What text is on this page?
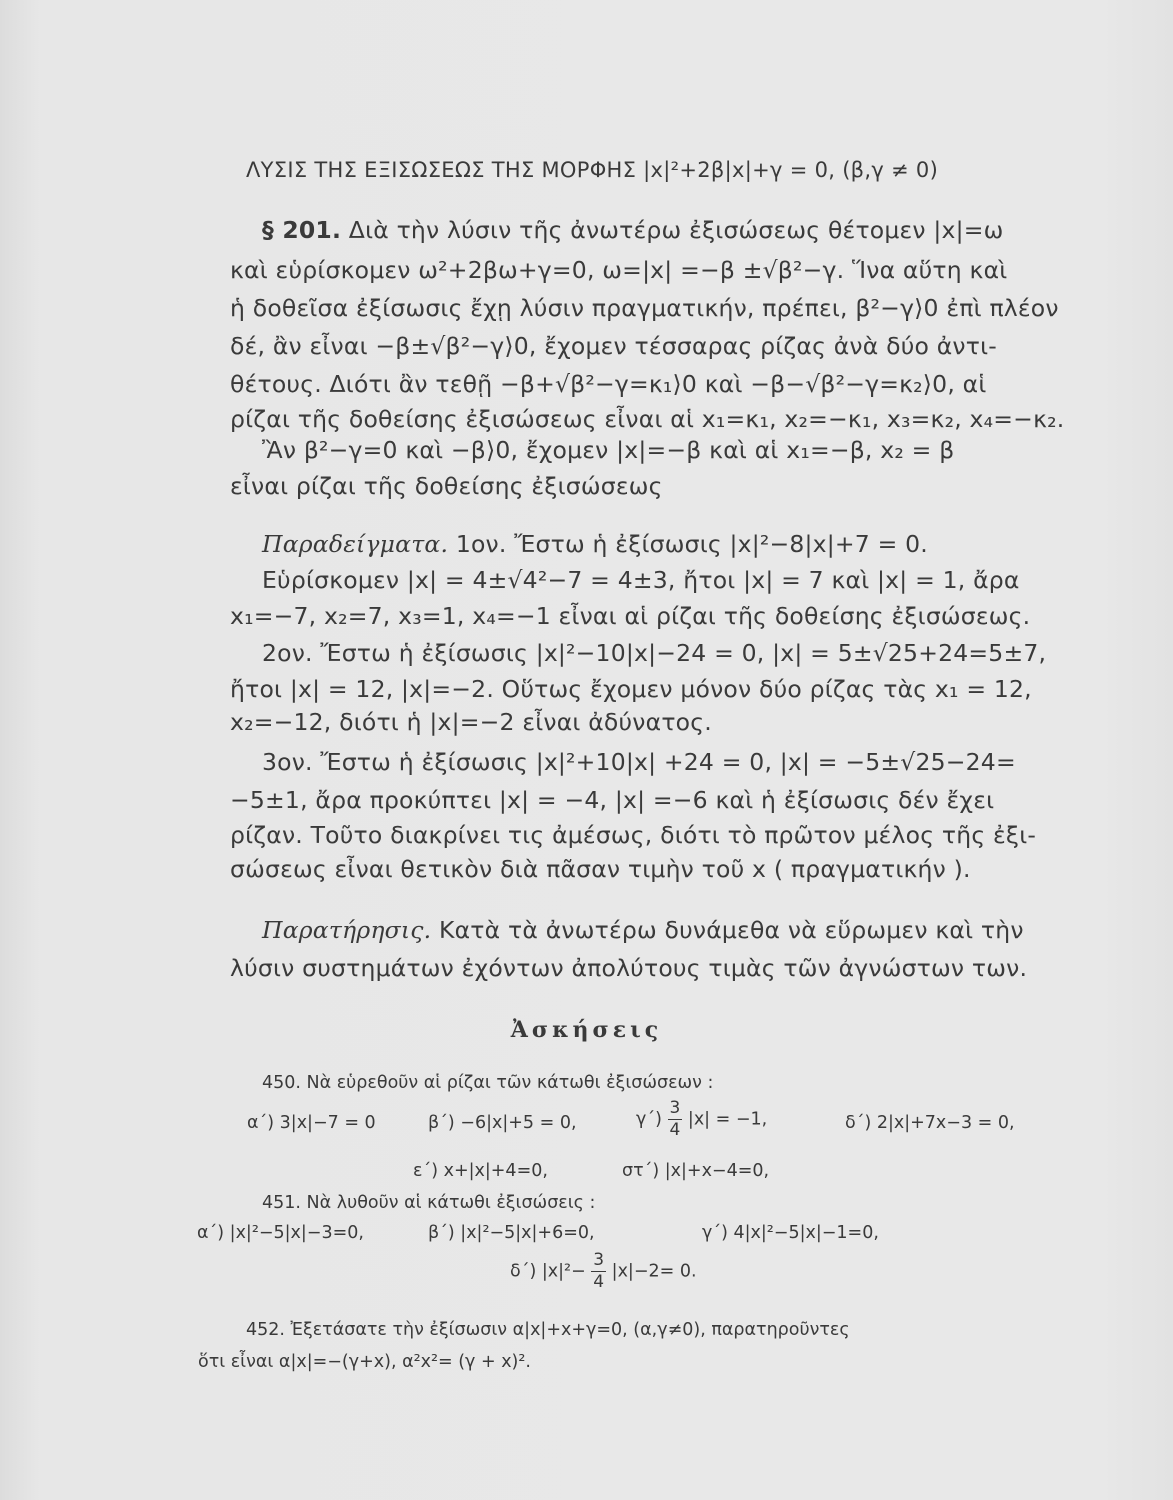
ΛΥΣΙΣ ΤΗΣ ΕΞΙΣΩΣΕΩΣ ΤΗΣ ΜΟΡΦΗΣ |x|²+2β|x|+γ = 0, (β,γ ≠ 0)
§ 201. Διὰ τὴν λύσιν τῆς ἀνωτέρω ἐξισώσεως θέτομεν |x|=ω
καὶ εὑρίσκομεν ω²+2βω+γ=0, ω=|x| =−β ±√β²−γ. Ἵνα αὕτη καὶ
ἡ δοθεῖσα ἐξίσωσις ἔχῃ λύσιν πραγματικήν, πρέπει, β²−γ⟩0 ἐπὶ πλέον
δέ, ἂν εἶναι −β±√β²−γ⟩0, ἔχομεν τέσσαρας ρίζας ἀνὰ δύο ἀντι-
θέτους. Διότι ἂν τεθῇ −β+√β²−γ=κ₁⟩0 καὶ −β−√β²−γ=κ₂⟩0, αἱ
ρίζαι τῆς δοθείσης ἐξισώσεως εἶναι αἱ x₁=κ₁, x₂=−κ₁, x₃=κ₂, x₄=−κ₂.
Ἂν β²−γ=0 καὶ −β⟩0, ἔχομεν |x|=−β καὶ αἱ x₁=−β, x₂ = β
εἶναι ρίζαι τῆς δοθείσης ἐξισώσεως
Παραδείγματα. 1ον. Ἔστω ἡ ἐξίσωσις |x|²−8|x|+7 = 0.
Εὑρίσκομεν |x| = 4±√4²−7 = 4±3, ἤτοι |x| = 7 καὶ |x| = 1, ἄρα
x₁=−7, x₂=7, x₃=1, x₄=−1 εἶναι αἱ ρίζαι τῆς δοθείσης ἐξισώσεως.
2ον. Ἔστω ἡ ἐξίσωσις |x|²−10|x|−24 = 0, |x| = 5±√25+24=5±7,
ἤτοι |x| = 12, |x|=−2. Οὕτως ἔχομεν μόνον δύο ρίζας τὰς x₁ = 12,
x₂=−12, διότι ἡ |x|=−2 εἶναι ἀδύνατος.
3ον. Ἔστω ἡ ἐξίσωσις |x|²+10|x| +24 = 0, |x| = −5±√25−24=
−5±1, ἄρα προκύπτει |x| = −4, |x| =−6 καὶ ἡ ἐξίσωσις δέν ἔχει
ρίζαν. Τοῦτο διακρίνει τις ἀμέσως, διότι τὸ πρῶτον μέλος τῆς ἐξι-
σώσεως εἶναι θετικὸν διὰ πᾶσαν τιμὴν τοῦ x ( πραγματικήν ).
Παρατήρησις. Κατὰ τὰ ἀνωτέρω δυνάμεθα νὰ εὕρωμεν καὶ τὴν
λύσιν συστημάτων ἐχόντων ἀπολύτους τιμὰς τῶν ἀγνώστων των.
Ἀσκήσεις
450. Νὰ εὑρεθοῦν αἱ ρίζαι τῶν κάτωθι ἐξισώσεων :
α΄) 3|x|−7 = 0	β΄) −6|x|+5 = 0,	$\gamma΄) \frac{3}{4} |x| = -1$,	δ΄) 2|x|+7x−3 = 0,
ε΄) x+|x|+4=0,	στ΄) |x|+x−4=0,
451. Νὰ λυθοῦν αἱ κάτωθι ἐξισώσεις :
α΄) |x|²−5|x|−3=0,	β΄) |x|²−5|x|+6=0,	γ΄) 4|x|²−5|x|−1=0,
δ΄) $|x|^2- \frac{3}{4} |x|-2= 0$.
452. Ἐξετάσατε τὴν ἐξίσωσιν α|x|+x+γ=0, (α,γ≠0), παρατηροῦντες
ὅτι εἶναι α|x|=−(γ+x), α²x²= (γ + x)².
